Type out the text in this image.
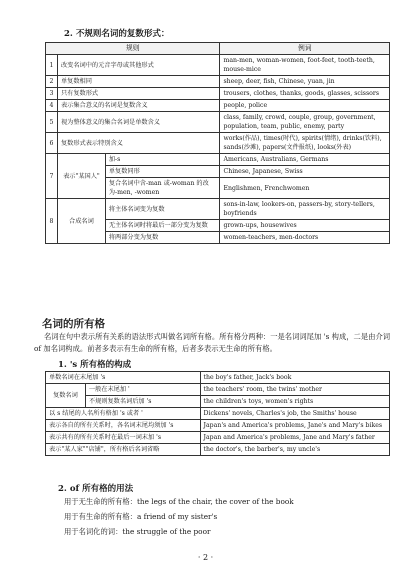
2. 不规则名词的复数形式：
规则			例词
1	改变名词中的元音字母或其他形式		man-men, woman-women, foot-feet, tooth-teeth, mouse-mice
2	单复数相同		sheep, deer, fish, Chinese, yuan, jin
3	只有复数形式		trousers, clothes, thanks, goods, glasses, scissors
4	表示集合意义的名词是复数含义		people, police
5	视为整体意义的集合名词是单数含义		class, family, crowd, couple, group, government, population, team, public, enemy, party
6	复数形式表示特别含义		works(作品), times(时代), spirits(情绪), drinks(饮料), sands(沙滩), papers(文件报纸), looks(外表)
7	表示"某国人"	加-s	Americans, Australians, Germans
		单复数同形	Chinese, Japanese, Swiss
		复合名词中含-man 或-woman 的改为-men, -women	Englishmen, Frenchwomen
8	合成名词	将主体名词变为复数	sons-in-law, lookers-on, passers-by, story-tellers, boyfriends
		无主体名词时将最后一部分变为复数	grown-ups, housewives
		将两部分变为复数	women-teachers, men-doctors
名词的所有格
名词在句中表示所有关系的语法形式叫做名词所有格。所有格分两种：一是名词词尾加 's 构成，二是由介词 of 加名词构成。前者多表示有生命的所有格，后者多表示无生命的所有格。
1. 's 所有格的构成
单数名词在末尾加 's		the boy's father, Jack's book
复数名词	一般在末尾加 '	the teachers' room, the twins' mother
	不规则复数名词后加 's	the children's toys, women's rights
以 s 结尾的人名所有格加 's 或者 '		Dickens' novels, Charles's job, the Smiths' house
表示各自的所有关系时，各名词末尾均须加 's		Japan's and America's problems, Jane's and Mary's bikes
表示共有的所有关系时在最后一词末加 's		Japan and America's problems, Jane and Mary's father
表示"某人家""店铺"，所有格后名词省略		the doctor's, the barber's, my uncle's
2. of 所有格的用法
用于无生命的所有格：the legs of the chair, the cover of the book
用于有生命的所有格：a friend of my sister's
用于名词化的词：the struggle of the poor
· 2 ·
